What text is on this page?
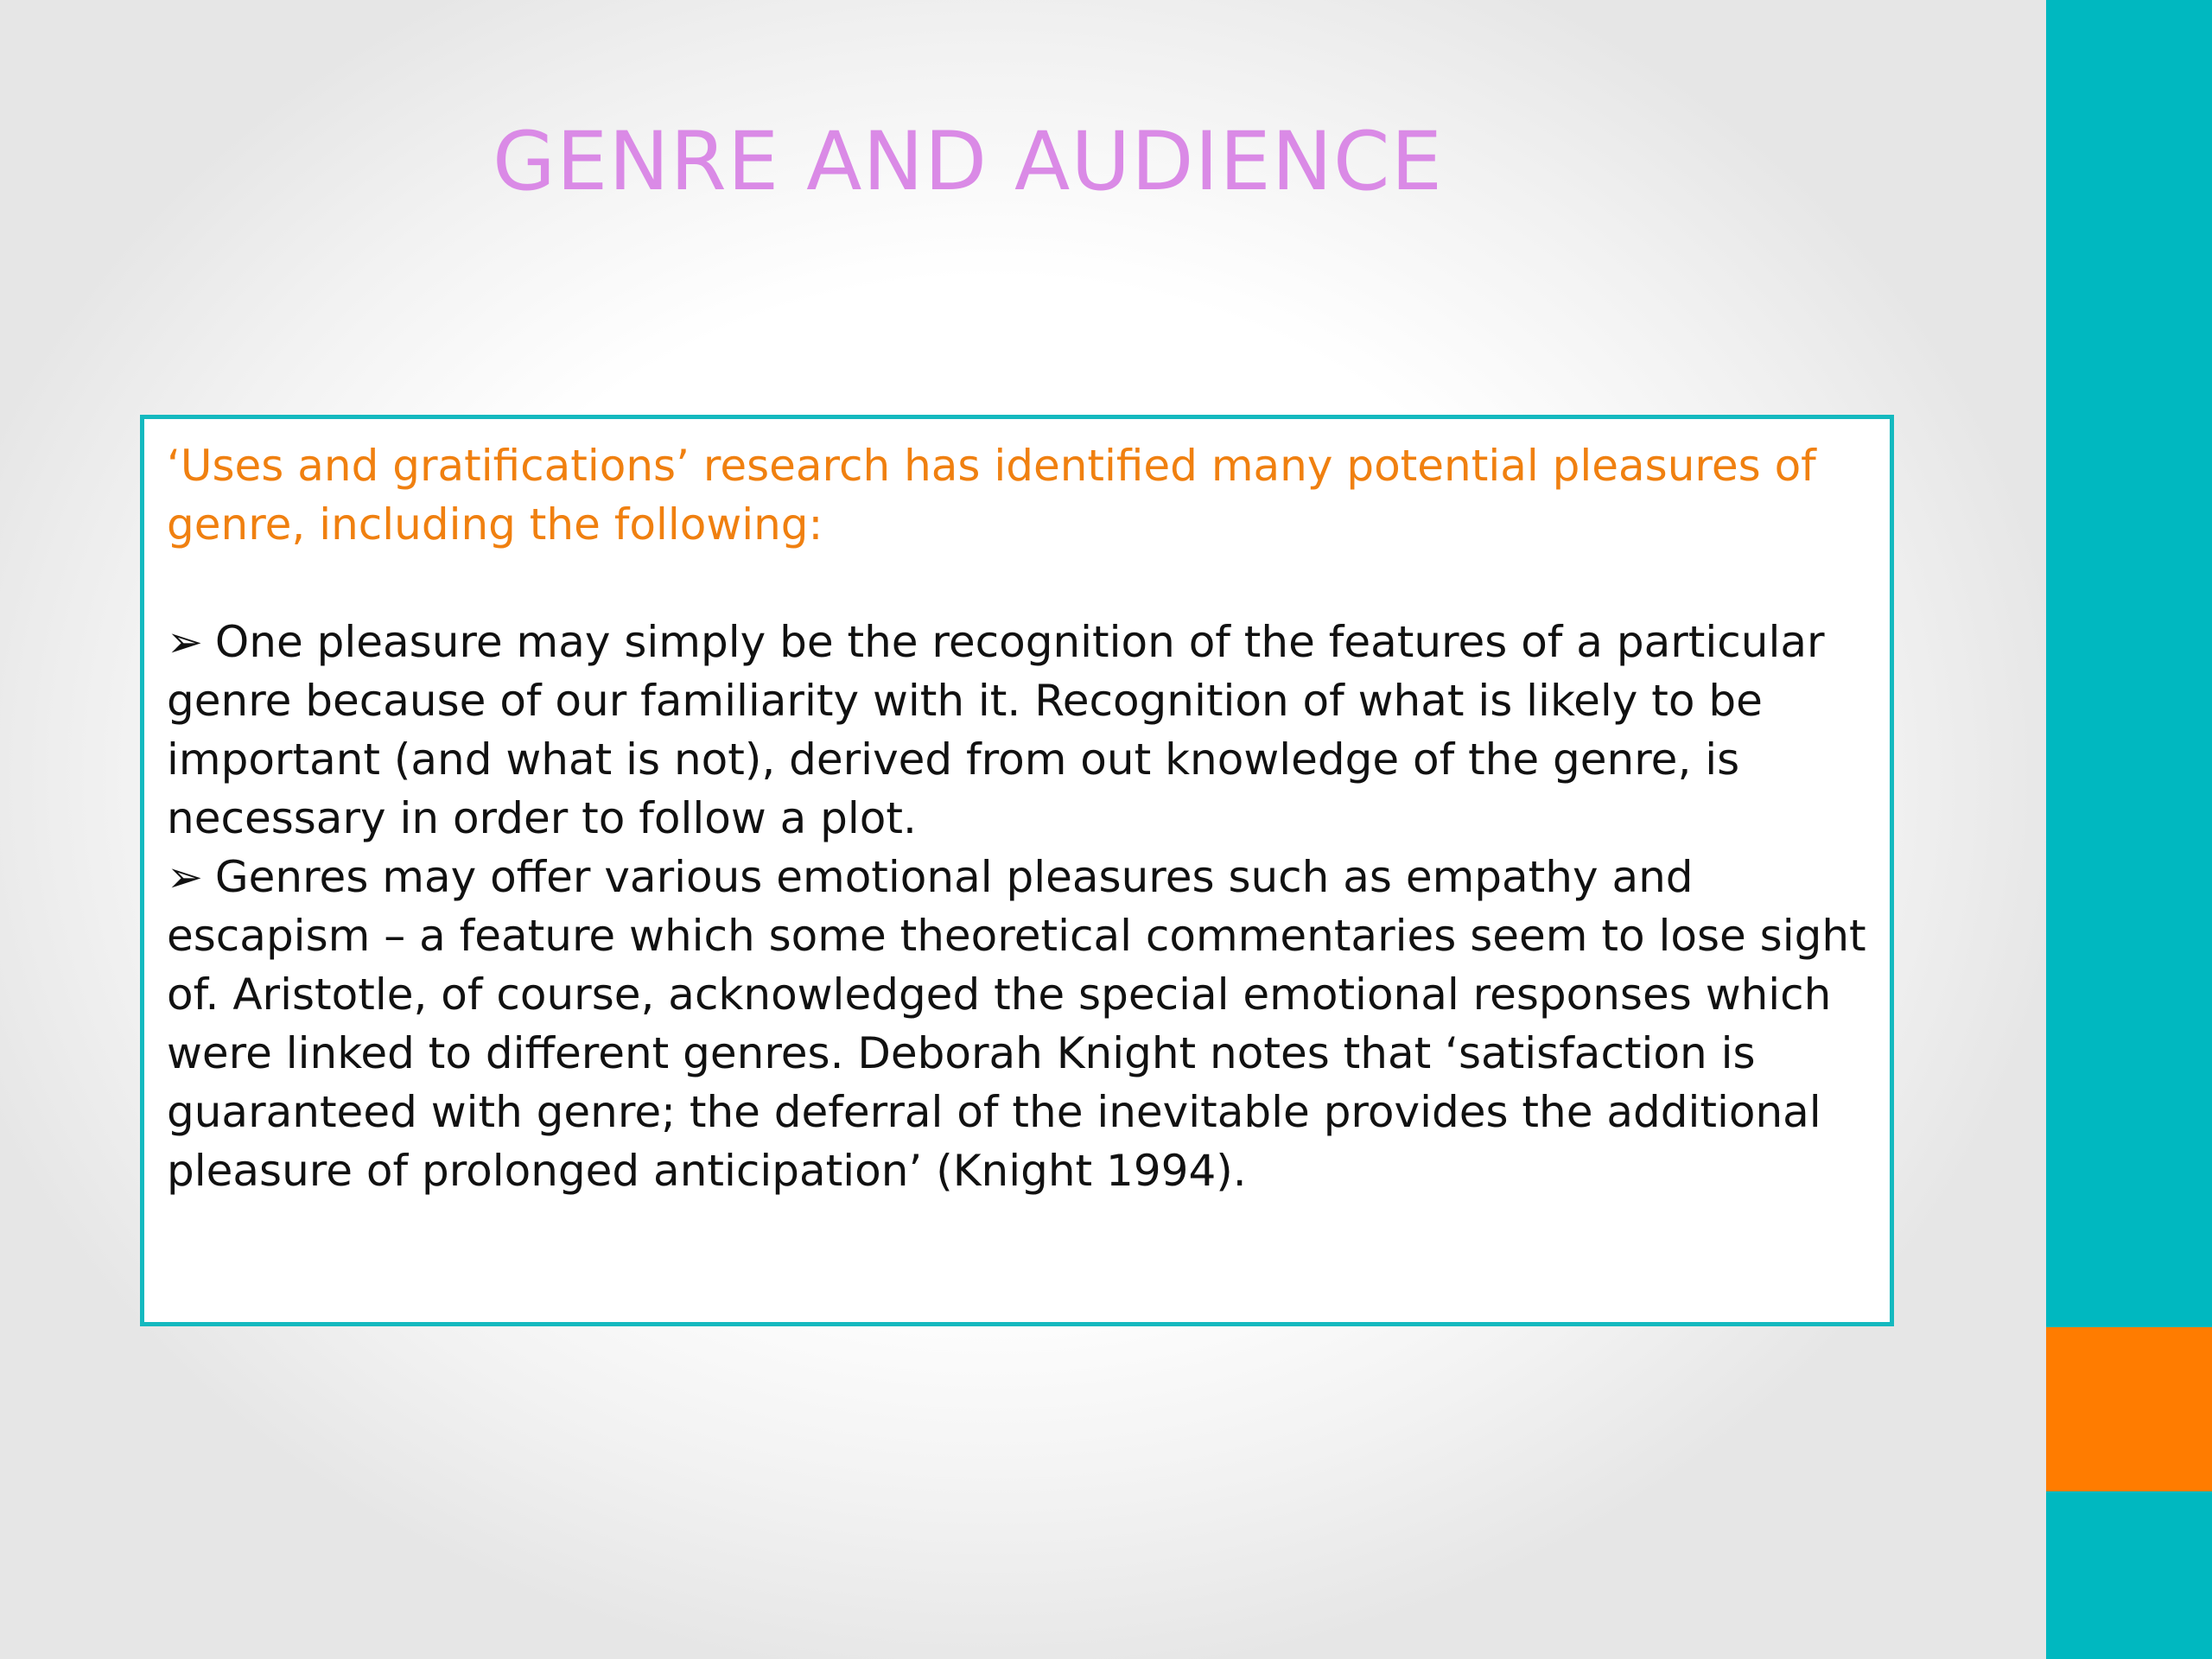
GENRE AND AUDIENCE

‘Uses and gratifications’ research has identified many potential pleasures of genre, including the following:

➢ One pleasure may simply be the recognition of the features of a particular genre because of our familiarity with it. Recognition of what is likely to be important (and what is not), derived from out knowledge of the genre, is necessary in order to follow a plot.

➢ Genres may offer various emotional pleasures such as empathy and escapism – a feature which some theoretical commentaries seem to lose sight of. Aristotle, of course, acknowledged the special emotional responses which were linked to different genres. Deborah Knight notes that ‘satisfaction is guaranteed with genre; the deferral of the inevitable provides the additional pleasure of prolonged anticipation’ (Knight 1994).
